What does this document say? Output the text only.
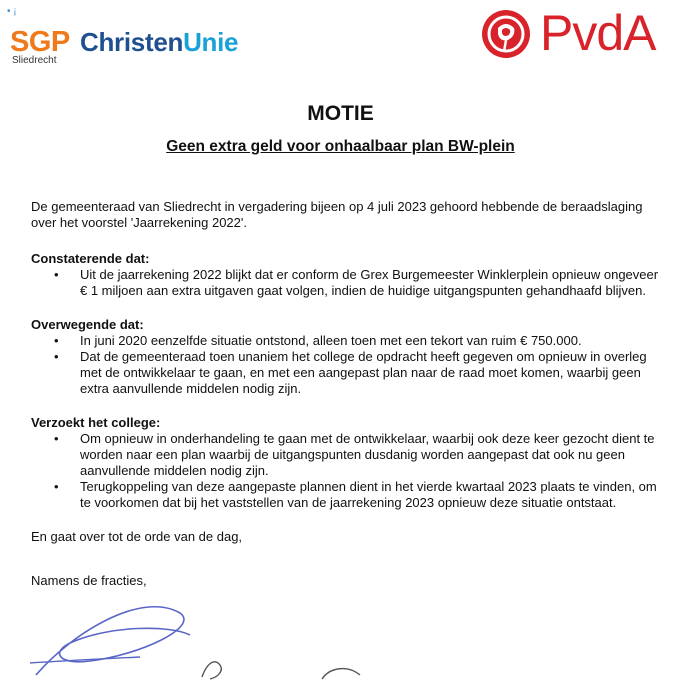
• ¡
SGP
Sliedrecht
ChristenUnie	PvdA
MOTIE
Geen extra geld voor onhaalbaar plan BW-plein

De gemeenteraad van Sliedrecht in vergadering bijeen op 4 juli 2023 gehoord hebbende de beraadslaging over het voorstel 'Jaarrekening 2022'.

Constaterende dat:

• Uit de jaarrekening 2022 blijkt dat er conform de Grex Burgemeester Winklerplein opnieuw ongeveer € 1 miljoen aan extra uitgaven gaat volgen, indien de huidige uitgangspunten gehandhaafd blijven.

Overwegende dat:

• In juni 2020 eenzelfde situatie ontstond, alleen toen met een tekort van ruim € 750.000.
• Dat de gemeenteraad toen unaniem het college de opdracht heeft gegeven om opnieuw in overleg met de ontwikkelaar te gaan, en met een aangepast plan naar de raad moet komen, waarbij geen extra aanvullende middelen nodig zijn.

Verzoekt het college:

• Om opnieuw in onderhandeling te gaan met de ontwikkelaar, waarbij ook deze keer gezocht dient te worden naar een plan waarbij de uitgangspunten dusdanig worden aangepast dat ook nu geen aanvullende middelen nodig zijn.
• Terugkoppeling van deze aangepaste plannen dient in het vierde kwartaal 2023 plaats te vinden, om te voorkomen dat bij het vaststellen van de jaarrekening 2023 opnieuw deze situatie ontstaat.

En gaat over tot de orde van de dag,

Namens de fracties,
